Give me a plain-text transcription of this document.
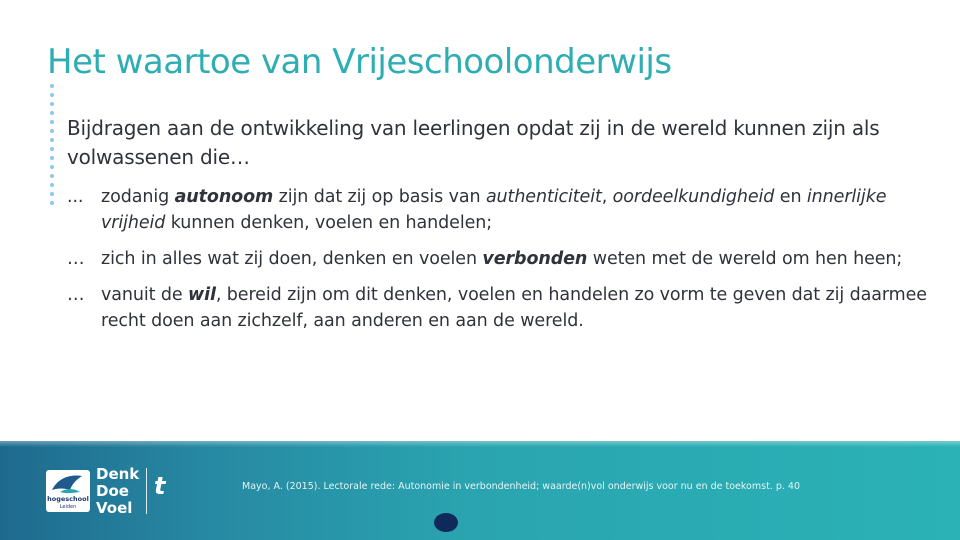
Het waartoe van Vrijeschoolonderwijs

Bijdragen aan de ontwikkeling van leerlingen opdat zij in de wereld kunnen zijn als volwassenen die…

... zodanig autonoom zijn dat zij op basis van authenticiteit, oordeelkundigheid en innerlijke vrijheid kunnen denken, voelen en handelen;
… zich in alles wat zij doen, denken en voelen verbonden weten met de wereld om hen heen;
… vanuit de wil, bereid zijn om dit denken, voelen en handelen zo vorm te geven dat zij daarmee recht doen aan zichzelf, aan anderen en aan de wereld.
hogeschool
Leiden
Denk
Doe
Voel
t	Mayo, A. (2015). Lectorale rede: Autonomie in verbondenheid; waarde(n)vol onderwijs voor nu en de toekomst. p. 40
